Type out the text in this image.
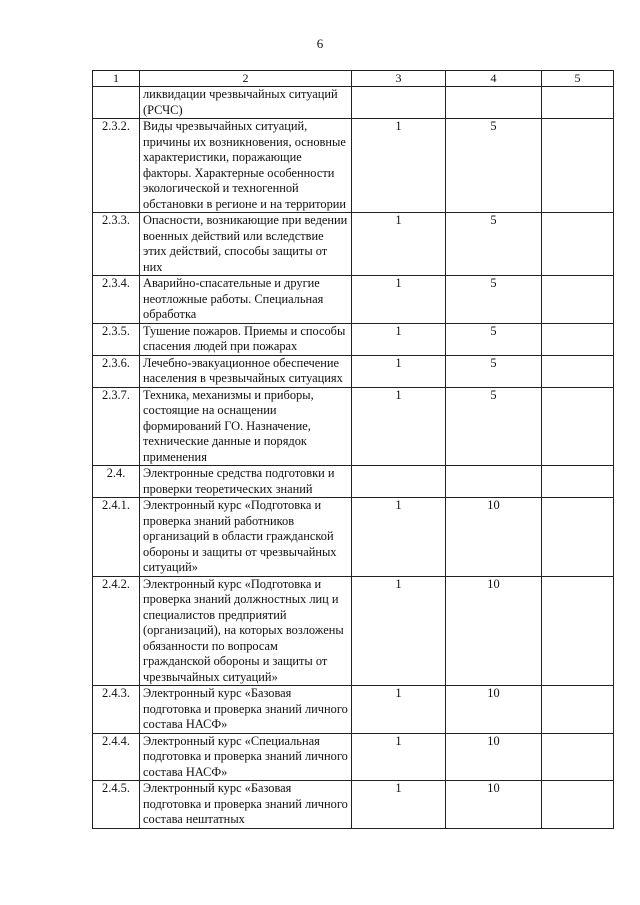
6
1	2	3	4	5
	ликвидации чрезвычайных ситуаций (РСЧС)			
2.3.2.	Виды чрезвычайных ситуаций, причины их возникновения, основные характеристики, поражающие факторы. Характерные особенности экологической и техногенной обстановки в регионе и на территории	1	5	
2.3.3.	Опасности, возникающие при ведении военных действий или вследствие этих действий, способы защиты от них	1	5	
2.3.4.	Аварийно-спасательные и другие неотложные работы. Специальная обработка	1	5	
2.3.5.	Тушение пожаров. Приемы и способы спасения людей при пожарах	1	5	
2.3.6.	Лечебно-эвакуационное обеспечение населения в чрезвычайных ситуациях	1	5	
2.3.7.	Техника, механизмы и приборы, состоящие на оснащении формирований ГО. Назначение, технические данные и порядок применения	1	5	
2.4.	Электронные средства подготовки и проверки теоретических знаний			
2.4.1.	Электронный курс «Подготовка и проверка знаний работников организаций в области гражданской обороны и защиты от чрезвычайных ситуаций»	1	10	
2.4.2.	Электронный курс «Подготовка и проверка знаний должностных лиц и специалистов предприятий (организаций), на которых возложены обязанности по вопросам гражданской обороны и защиты от чрезвычайных ситуаций»	1	10	
2.4.3.	Электронный курс «Базовая подготовка и проверка знаний личного состава НАСФ»	1	10	
2.4.4.	Электронный курс «Специальная подготовка и проверка знаний личного состава НАСФ»	1	10	
2.4.5.	Электронный курс «Базовая подготовка и проверка знаний личного состава нештатных	1	10	
